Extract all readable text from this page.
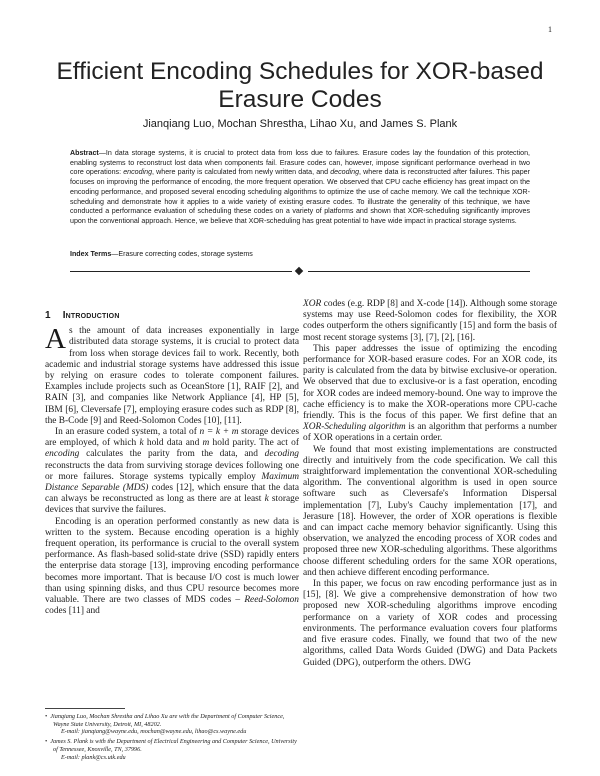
1
Efficient Encoding Schedules for XOR-based Erasure Codes
Jianqiang Luo, Mochan Shrestha, Lihao Xu, and James S. Plank

Abstract—In data storage systems, it is crucial to protect data from loss due to failures. Erasure codes lay the foundation of this protection, enabling systems to reconstruct lost data when components fail. Erasure codes can, however, impose significant performance overhead in two core operations: encoding, where parity is calculated from newly written data, and decoding, where data is reconstructed after failures. This paper focuses on improving the performance of encoding, the more frequent operation. We observed that CPU cache efficiency has great impact on the encoding performance, and proposed several encoding scheduling algorithms to optimize the use of cache memory. We call the technique XOR-scheduling and demonstrate how it applies to a wide variety of existing erasure codes. To illustrate the generality of this technique, we have conducted a performance evaluation of scheduling these codes on a variety of platforms and shown that XOR-scheduling significantly improves upon the conventional approach. Hence, we believe that XOR-scheduling has great potential to have wide impact in practical storage systems.

Index Terms—Erasure correcting codes, storage systems
1 Introduction

As the amount of data increases exponentially in large distributed data storage systems, it is crucial to protect data from loss when storage devices fail to work. Recently, both academic and industrial storage systems have addressed this issue by relying on erasure codes to tolerate component failures. Examples include projects such as OceanStore [1], RAIF [2], and RAIN [3], and companies like Network Appliance [4], HP [5], IBM [6], Cleversafe [7], employing erasure codes such as RDP [8], the B-Code [9] and Reed-Solomon Codes [10], [11].

In an erasure coded system, a total of n = k + m storage devices are employed, of which k hold data and m hold parity. The act of encoding calculates the parity from the data, and decoding reconstructs the data from surviving storage devices following one or more failures. Storage systems typically employ Maximum Distance Separable (MDS) codes [12], which ensure that the data can always be reconstructed as long as there are at least k storage devices that survive the failures.

Encoding is an operation performed constantly as new data is written to the system. Because encoding operation is a highly frequent operation, its performance is crucial to the overall system performance. As flash-based solid-state drive (SSD) rapidly enters the enterprise data storage [13], improving encoding performance becomes more important. That is because I/O cost is much lower than using spinning disks, and thus CPU resource becomes more valuable. There are two classes of MDS codes – Reed-Solomon codes [11] and

XOR codes (e.g. RDP [8] and X-code [14]). Although some storage systems may use Reed-Solomon codes for flexibility, the XOR codes outperform the others significantly [15] and form the basis of most recent storage systems [3], [7], [2], [16].

This paper addresses the issue of optimizing the encoding performance for XOR-based erasure codes. For an XOR code, its parity is calculated from the data by bitwise exclusive-or operation. We observed that due to exclusive-or is a fast operation, encoding for XOR codes are indeed memory-bound. One way to improve the cache efficiency is to make the XOR-operations more CPU-cache friendly. This is the focus of this paper. We first define that an XOR-Scheduling algorithm is an algorithm that performs a number of XOR operations in a certain order.

We found that most existing implementations are constructed directly and intuitively from the code specification. We call this straightforward implementation the conventional XOR-scheduling algorithm. The conventional algorithm is used in open source software such as Cleversafe's Information Dispersal implementation [7], Luby's Cauchy implementation [17], and Jerasure [18]. However, the order of XOR operations is flexible and can impact cache memory behavior significantly. Using this observation, we analyzed the encoding process of XOR codes and proposed three new XOR-scheduling algorithms. These algorithms choose different scheduling orders for the same XOR operations, and then achieve different encoding performance.

In this paper, we focus on raw encoding performance just as in [15], [8]. We give a comprehensive demonstration of how two proposed new XOR-scheduling algorithms improve encoding performance on a variety of XOR codes and processing environments. The performance evaluation covers four platforms and five erasure codes. Finally, we found that two of the new algorithms, called Data Words Guided (DWG) and Data Packets Guided (DPG), outperform the others. DWG

•  Jianqiang Luo, Mochan Shrestha and Lihao Xu are with the Department of Computer Science, Wayne State University, Detroit, MI, 48202.
E-mail: jianqiang@wayne.edu, mochan@wayne.edu, lihao@cs.wayne.edu
•  James S. Plank is with the Department of Electrical Engineering and Computer Science, University of Tennessee, Knoxville, TN, 37996.
E-mail: plank@cs.utk.edu
